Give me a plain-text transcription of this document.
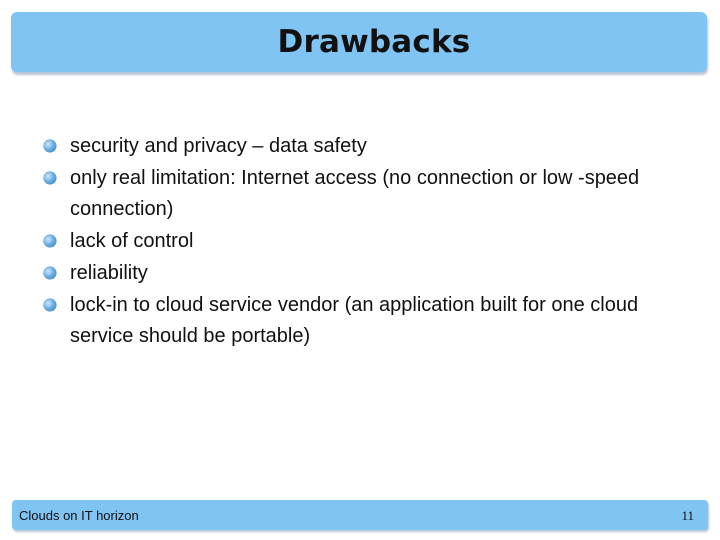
Drawbacks
security and privacy – data safety
only real limitation: Internet access (no connection or low -speed connection)
lack of control
reliability
lock-in to cloud service vendor (an application built for one cloud service should be portable)
Clouds on IT horizon	11
